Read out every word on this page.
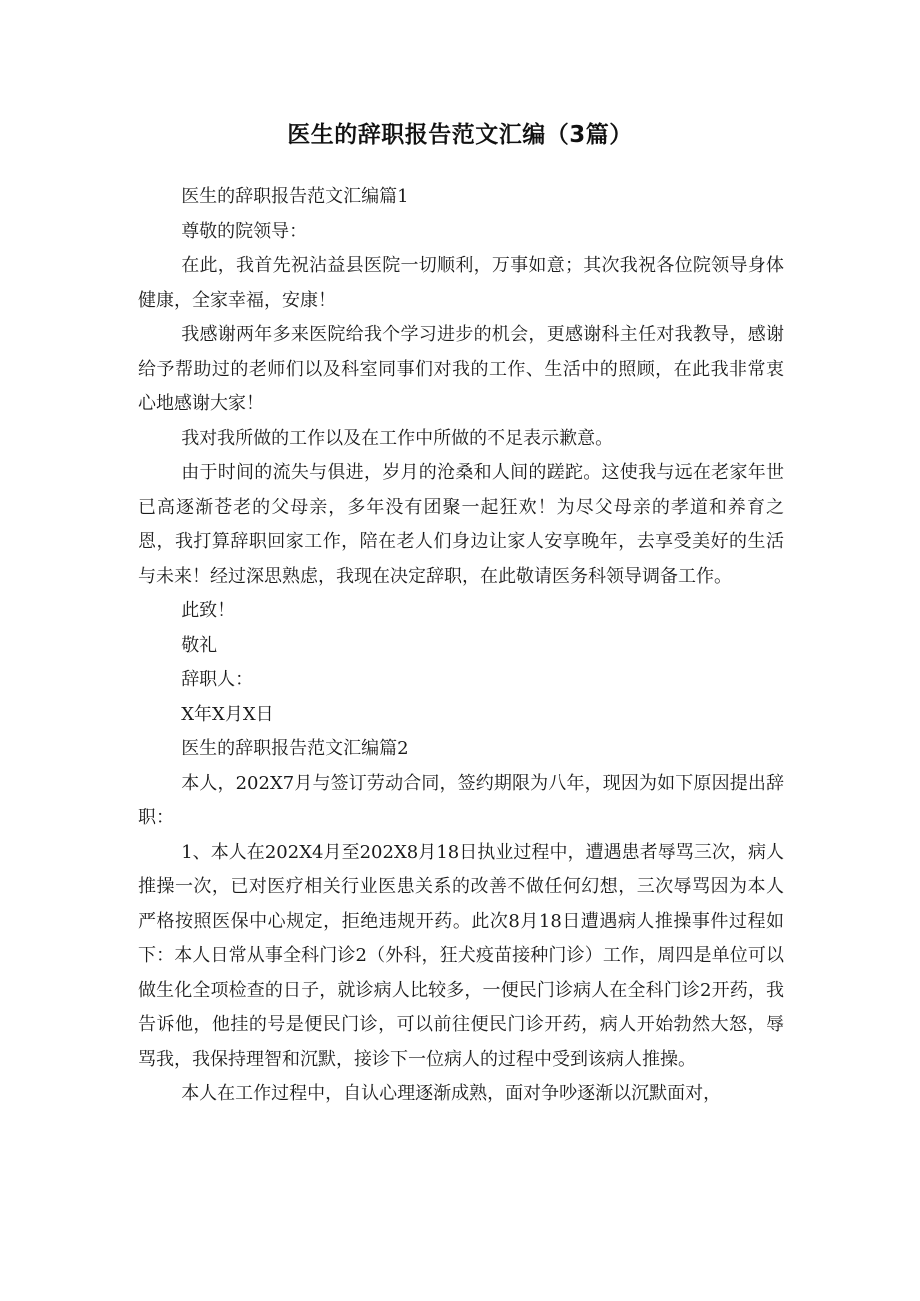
医生的辞职报告范文汇编（3篇）

医生的辞职报告范文汇编篇1

尊敬的院领导：

在此，我首先祝沾益县医院一切顺利，万事如意；其次我祝各位院领导身体健康，全家幸福，安康！

我感谢两年多来医院给我个学习进步的机会，更感谢科主任对我教导，感谢给予帮助过的老师们以及科室同事们对我的工作、生活中的照顾，在此我非常衷心地感谢大家！

我对我所做的工作以及在工作中所做的不足表示歉意。

由于时间的流失与俱进，岁月的沧桑和人间的蹉跎。这使我与远在老家年世已高逐渐苍老的父母亲，多年没有团聚一起狂欢！为尽父母亲的孝道和养育之恩，我打算辞职回家工作，陪在老人们身边让家人安享晚年，去享受美好的生活与未来！经过深思熟虑，我现在决定辞职，在此敬请医务科领导调备工作。

此致！

敬礼

辞职人：

X年X月X日

医生的辞职报告范文汇编篇2

本人，202X7月与签订劳动合同，签约期限为八年，现因为如下原因提出辞职：

1、本人在202X4月至202X8月18日执业过程中，遭遇患者辱骂三次，病人推操一次，已对医疗相关行业医患关系的改善不做任何幻想，三次辱骂因为本人严格按照医保中心规定，拒绝违规开药。此次8月18日遭遇病人推操事件过程如下：本人日常从事全科门诊2（外科，狂犬疫苗接种门诊）工作，周四是单位可以做生化全项检查的日子，就诊病人比较多，一便民门诊病人在全科门诊2开药，我告诉他，他挂的号是便民门诊，可以前往便民门诊开药，病人开始勃然大怒，辱骂我，我保持理智和沉默，接诊下一位病人的过程中受到该病人推操。

本人在工作过程中，自认心理逐渐成熟，面对争吵逐渐以沉默面对，
